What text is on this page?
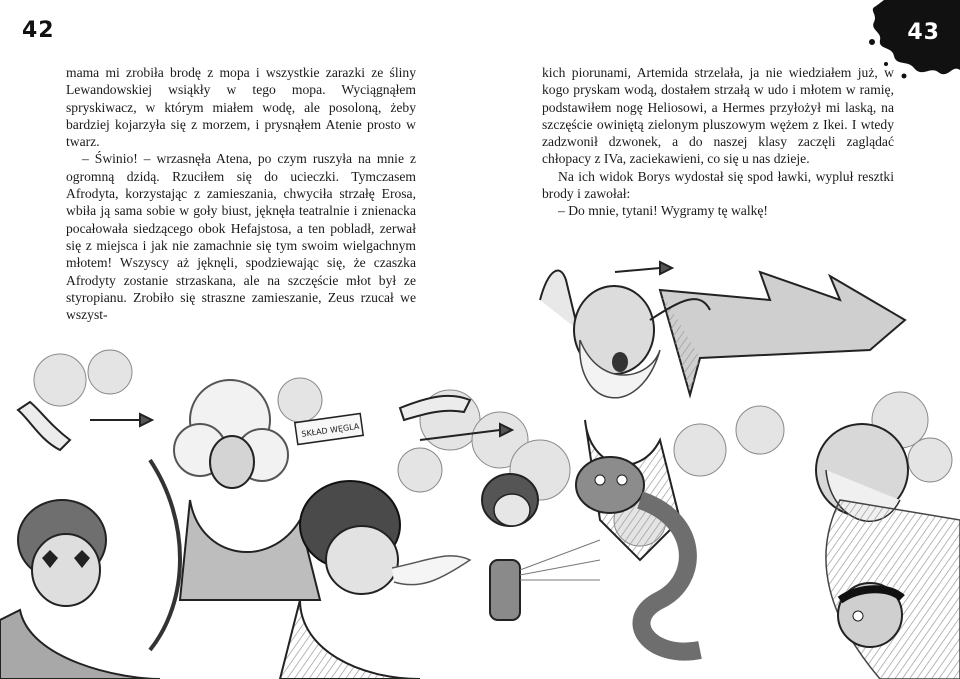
42	43

mama mi zrobiła brodę z mopa i wszystkie zarazki ze śliny Lewandowskiej wsiąkły w tego mopa. Wyciągnąłem spryskiwacz, w którym miałem wodę, ale posoloną, żeby bardziej kojarzyła się z morzem, i prysnąłem Atenie prosto w twarz.

– Świnio! – wrzasnęła Atena, po czym ruszyła na mnie z ogromną dzidą. Rzuciłem się do ucieczki. Tymczasem Afrodyta, korzystając z zamieszania, chwyciła strzałę Erosa, wbiła ją sama sobie w goły biust, jęknęła teatralnie i znienacka pocałowała siedzącego obok Hefajstosa, a ten pobladł, zerwał się z miejsca i jak nie zamachnie się tym swoim wielgachnym młotem! Wszyscy aż jęknęli, spodziewając się, że czaszka Afrodyty zostanie strzaskana, ale na szczęście młot był ze styropianu. Zrobiło się straszne zamieszanie, Zeus rzucał we wszyst-

kich piorunami, Artemida strzelała, ja nie wiedziałem już, w kogo pryskam wodą, dostałem strzałą w udo i młotem w ramię, podstawiłem nogę Heliosowi, a Hermes przyłożył mi laską, na szczęście owiniętą zielonym pluszowym wężem z Ikei. I wtedy zadzwonił dzwonek, a do naszej klasy zaczęli zaglądać chłopacy z IVa, zaciekawieni, co się u nas dzieje.

Na ich widok Borys wydostał się spod ławki, wypluł resztki brody i zawołał:

– Do mnie, tytani! Wygramy tę walkę!

SKŁAD WĘGLA
